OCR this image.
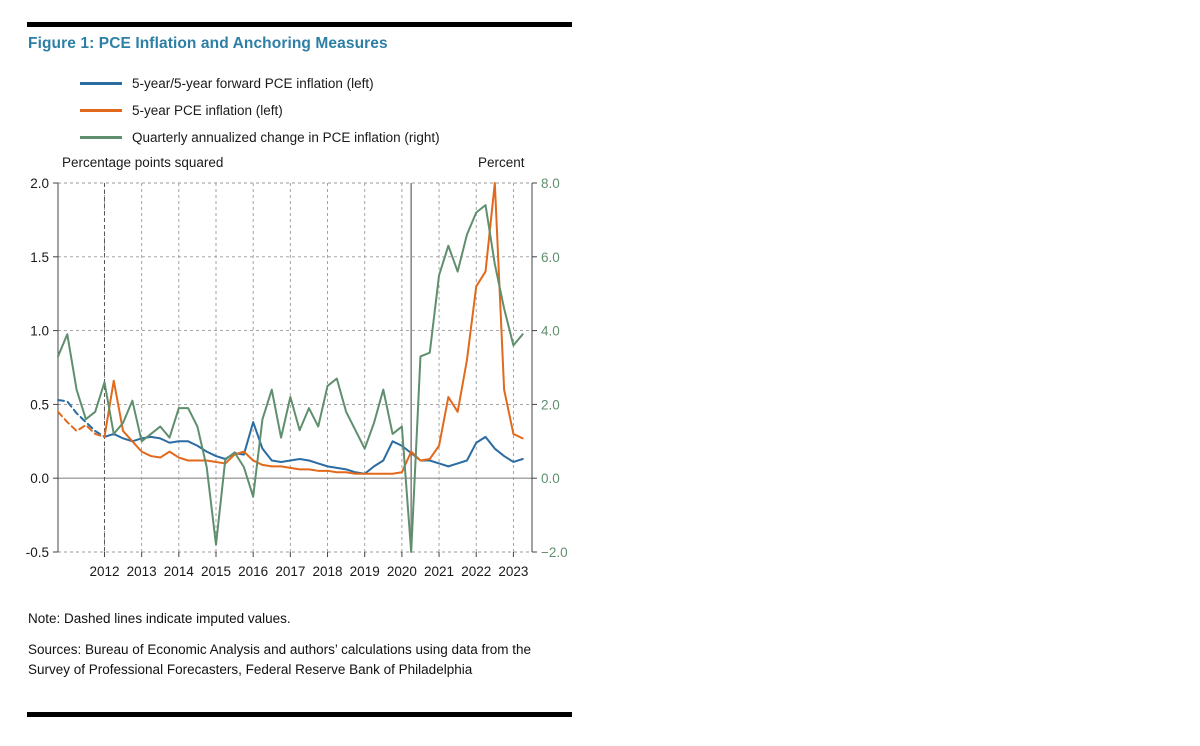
Figure 1: PCE Inflation and Anchoring Measures
5-year/5-year forward PCE inflation (left)
5-year PCE inflation (left)
Quarterly annualized change in PCE inflation (right)
Percentage points squared	Percent
-0.5
0.0
0.5
1.0
1.5
2.0
−2.0
0.0
2.0
4.0
6.0
8.0
2012 2013 2014 2015 2016 2017 2018 2019 2020 2021 2022 2023
Note: Dashed lines indicate imputed values.
Sources: Bureau of Economic Analysis and authors’ calculations using data from the Survey of Professional Forecasters, Federal Reserve Bank of Philadelphia
